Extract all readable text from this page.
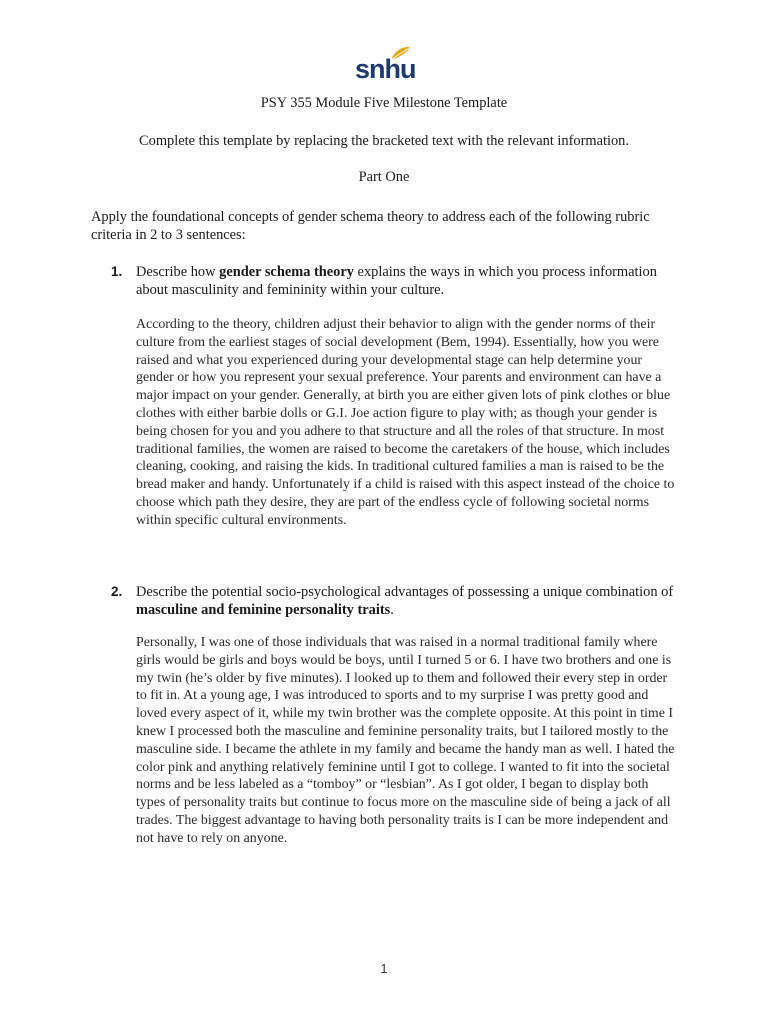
snhu
PSY 355 Module Five Milestone Template
Complete this template by replacing the bracketed text with the relevant information.
Part One
Apply the foundational concepts of gender schema theory to address each of the following rubric criteria in 2 to 3 sentences:
1. Describe how gender schema theory explains the ways in which you process information about masculinity and femininity within your culture.
According to the theory, children adjust their behavior to align with the gender norms of their culture from the earliest stages of social development (Bem, 1994). Essentially, how you were raised and what you experienced during your developmental stage can help determine your gender or how you represent your sexual preference. Your parents and environment can have a major impact on your gender. Generally, at birth you are either given lots of pink clothes or blue clothes with either barbie dolls or G.I. Joe action figure to play with; as though your gender is being chosen for you and you adhere to that structure and all the roles of that structure. In most traditional families, the women are raised to become the caretakers of the house, which includes cleaning, cooking, and raising the kids. In traditional cultured families a man is raised to be the bread maker and handy. Unfortunately if a child is raised with this aspect instead of the choice to choose which path they desire, they are part of the endless cycle of following societal norms within specific cultural environments.
2. Describe the potential socio-psychological advantages of possessing a unique combination of masculine and feminine personality traits.
Personally, I was one of those individuals that was raised in a normal traditional family where girls would be girls and boys would be boys, until I turned 5 or 6. I have two brothers and one is my twin (he’s older by five minutes). I looked up to them and followed their every step in order to fit in. At a young age, I was introduced to sports and to my surprise I was pretty good and loved every aspect of it, while my twin brother was the complete opposite. At this point in time I knew I processed both the masculine and feminine personality traits, but I tailored mostly to the masculine side. I became the athlete in my family and became the handy man as well. I hated the color pink and anything relatively feminine until I got to college. I wanted to fit into the societal norms and be less labeled as a “tomboy” or “lesbian”. As I got older, I began to display both types of personality traits but continue to focus more on the masculine side of being a jack of all trades. The biggest advantage to having both personality traits is I can be more independent and not have to rely on anyone.
1
